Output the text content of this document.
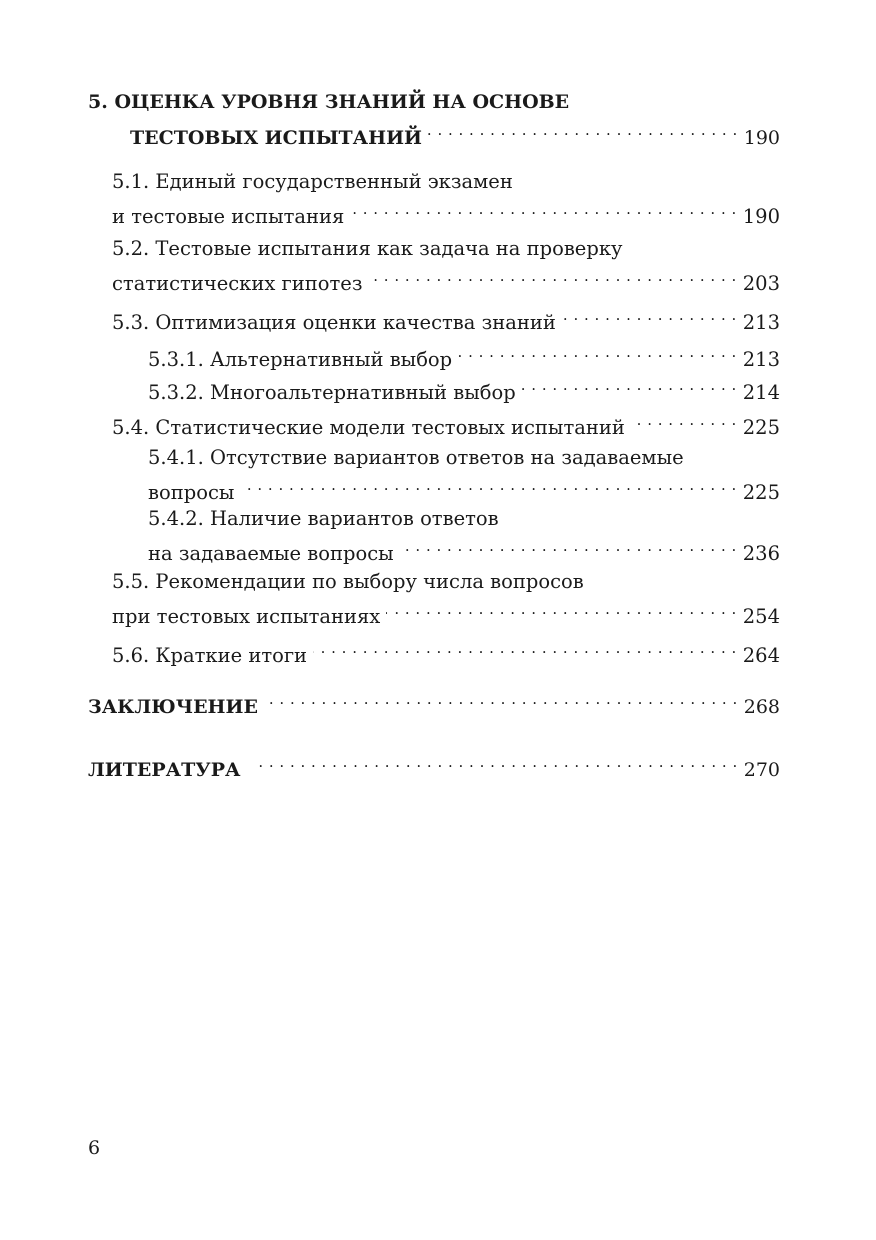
5. ОЦЕНКА УРОВНЯ ЗНАНИЙ НА ОСНОВЕ
ТЕСТОВЫХ ИСПЫТАНИЙ . . .	190
5.1. Единый государственный экзамен
и тестовые испытания . . .	190
5.2. Тестовые испытания как задача на проверку
статистических гипотез . . .	203
5.3. Оптимизация оценки качества знаний . . .	213
5.3.1. Альтернативный выбор . . .	213
5.3.2. Многоальтернативный выбор . . .	214
5.4. Статистические модели тестовых испытаний . . .	225
5.4.1. Отсутствие вариантов ответов на задаваемые
вопросы . . .	225
5.4.2. Наличие вариантов ответов
на задаваемые вопросы . . .	236
5.5. Рекомендации по выбору числа вопросов
при тестовых испытаниях . . .	254
5.6. Краткие итоги . . .	264
ЗАКЛЮЧЕНИЕ . . .	268
ЛИТЕРАТУРА . . .	270
6
